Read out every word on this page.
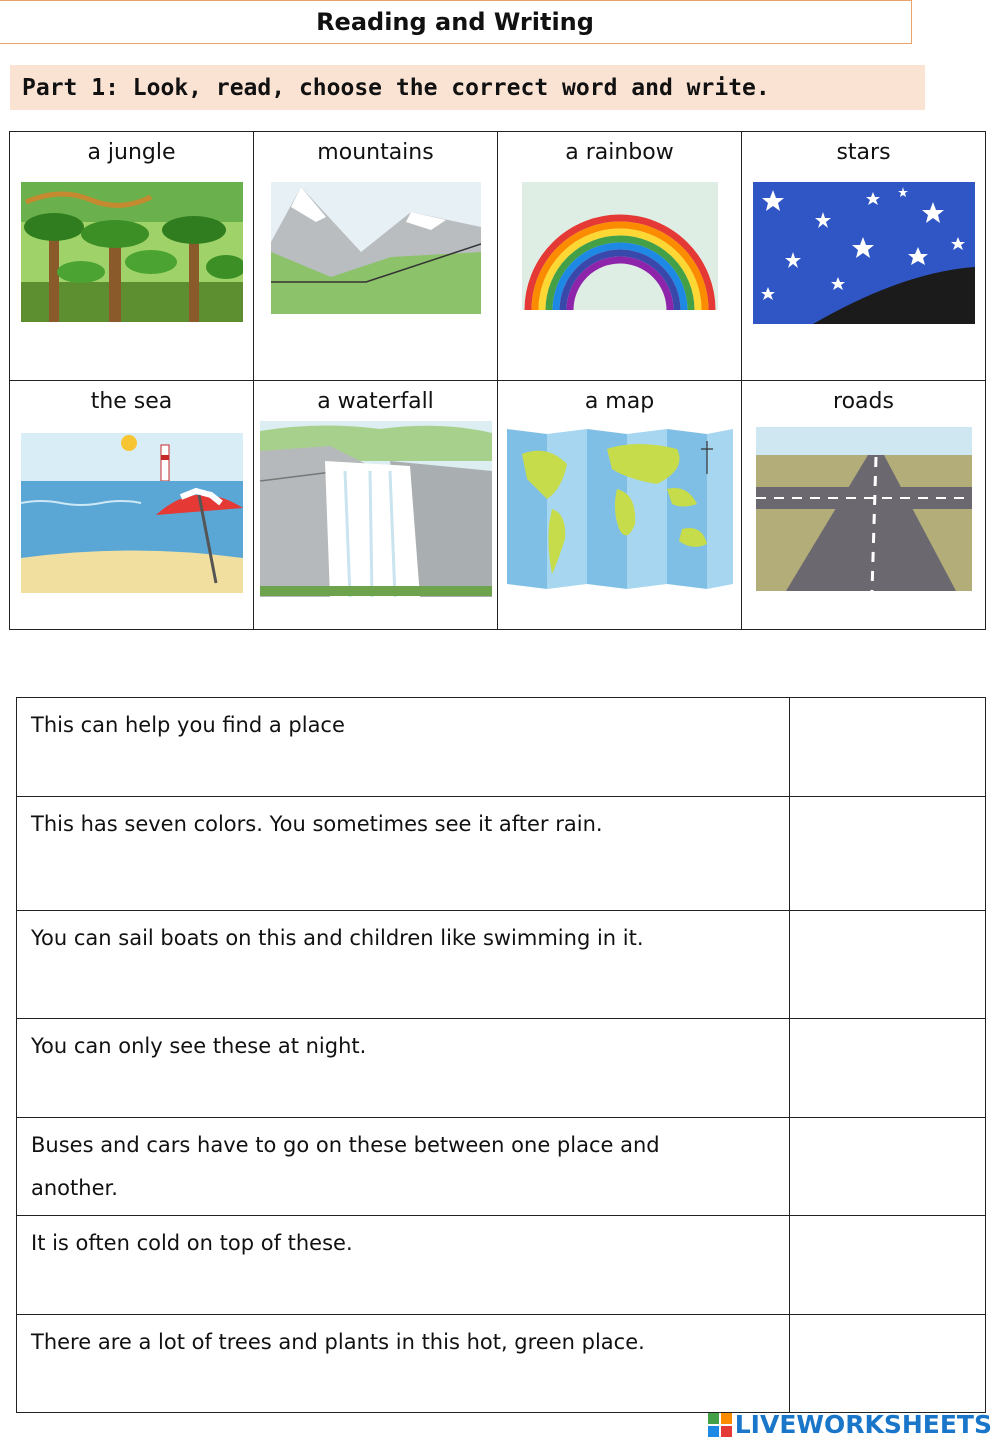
Reading and Writing
Part 1: Look, read, choose the correct word and write.
a jungle	mountains	a rainbow	stars

the sea	a waterfall	a map	roads
This can help you find a place	
This has seven colors. You sometimes see it after rain.	
You can sail boats on this and children like swimming in it.	
You can only see these at night.	
Buses and cars have to go on these between one place and another.	
It is often cold on top of these.	
There are a lot of trees and plants in this hot, green place.	
LIVEWORKSHEETS
